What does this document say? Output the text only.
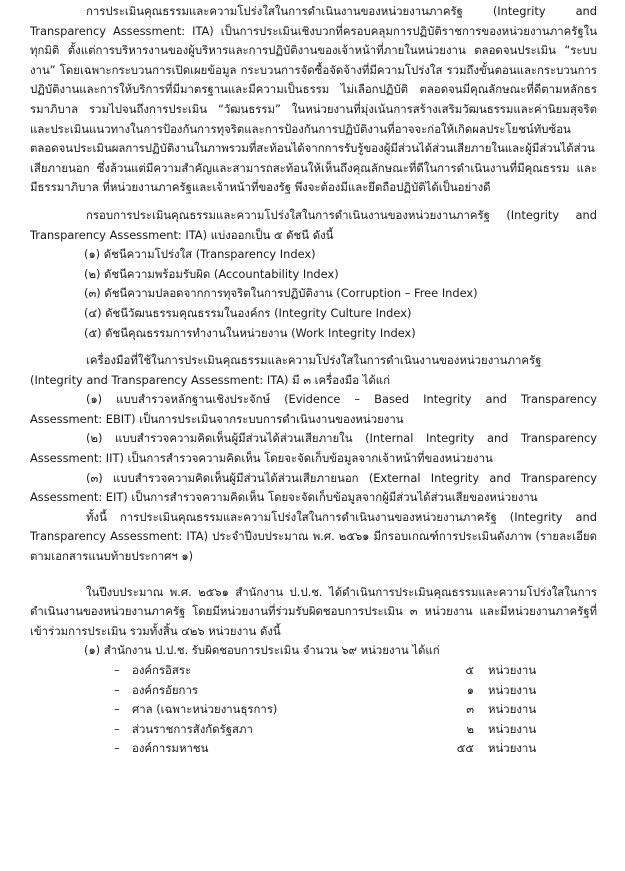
การประเมินคุณธรรมและความโปร่งใสในการดำเนินงานของหน่วยงานภาครัฐ (Integrity and Transparency Assessment: ITA) เป็นการประเมินเชิงบวกที่ครอบคลุมการปฏิบัติราชการของหน่วยงานภาครัฐในทุกมิติ ตั้งแต่การบริหารงานของผู้บริหารและการปฏิบัติงานของเจ้าหน้าที่ภายในหน่วยงาน ตลอดจนประเมิน “ระบบงาน” โดยเฉพาะกระบวนการเปิดเผยข้อมูล กระบวนการจัดซื้อจัดจ้างที่มีความโปร่งใส รวมถึงขั้นตอนและกระบวนการปฏิบัติงานและการให้บริการที่มีมาตรฐานและมีความเป็นธรรม ไม่เลือกปฏิบัติ ตลอดจนมีคุณลักษณะที่ดีตามหลักธรรมาภิบาล รวมไปจนถึงการประเมิน “วัฒนธรรม” ในหน่วยงานที่มุ่งเน้นการสร้างเสริมวัฒนธรรมและค่านิยมสุจริต และประเมินแนวทางในการป้องกันการทุจริตและการป้องกันการปฏิบัติงานที่อาจจะก่อให้เกิดผลประโยชน์ทับซ้อน ตลอดจนประเมินผลการปฏิบัติงานในภาพรวมที่สะท้อนได้จากการรับรู้ของผู้มีส่วนได้ส่วนเสียภายในและผู้มีส่วนได้ส่วนเสียภายนอก ซึ่งล้วนแต่มีความสำคัญและสามารถสะท้อนให้เห็นถึงคุณลักษณะที่ดีในการดำเนินงานที่มีคุณธรรม และมีธรรมาภิบาล ที่หน่วยงานภาครัฐและเจ้าหน้าที่ของรัฐ พึงจะต้องมีและยึดถือปฏิบัติได้เป็นอย่างดี

กรอบการประเมินคุณธรรมและความโปร่งใสในการดำเนินงานของหน่วยงานภาครัฐ (Integrity and Transparency Assessment: ITA) แบ่งออกเป็น ๕ ดัชนี ดังนี้

(๑) ดัชนีความโปร่งใส (Transparency Index)
(๒) ดัชนีความพร้อมรับผิด (Accountability Index)
(๓) ดัชนีความปลอดจากการทุจริตในการปฏิบัติงาน (Corruption – Free Index)
(๔) ดัชนีวัฒนธรรมคุณธรรมในองค์กร (Integrity Culture Index)
(๕) ดัชนีคุณธรรมการทำงานในหน่วยงาน (Work Integrity Index)

เครื่องมือที่ใช้ในการประเมินคุณธรรมและความโปร่งใสในการดำเนินงานของหน่วยงานภาครัฐ (Integrity and Transparency Assessment: ITA) มี ๓ เครื่องมือ ได้แก่

(๑) แบบสำรวจหลักฐานเชิงประจักษ์ (Evidence – Based Integrity and Transparency Assessment: EBIT) เป็นการประเมินจากระบบการดำเนินงานของหน่วยงาน
(๒) แบบสำรวจความคิดเห็นผู้มีส่วนได้ส่วนเสียภายใน (Internal Integrity and Transparency Assessment: IIT) เป็นการสำรวจความคิดเห็น โดยจะจัดเก็บข้อมูลจากเจ้าหน้าที่ของหน่วยงาน
(๓) แบบสำรวจความคิดเห็นผู้มีส่วนได้ส่วนเสียภายนอก (External Integrity and Transparency Assessment: EIT) เป็นการสำรวจความคิดเห็น โดยจะจัดเก็บข้อมูลจากผู้มีส่วนได้ส่วนเสียของหน่วยงาน

ทั้งนี้ การประเมินคุณธรรมและความโปร่งใสในการดำเนินงานของหน่วยงานภาครัฐ (Integrity and Transparency Assessment: ITA) ประจำปีงบประมาณ พ.ศ. ๒๕๖๑ มีกรอบเกณฑ์การประเมินดังภาพ (รายละเอียดตามเอกสารแนบท้ายประกาศฯ ๑)

ในปีงบประมาณ พ.ศ. ๒๕๖๑ สำนักงาน ป.ป.ช. ได้ดำเนินการประเมินคุณธรรมและความโปร่งใสในการดำเนินงานของหน่วยงานภาครัฐ โดยมีหน่วยงานที่ร่วมรับผิดชอบการประเมิน ๓ หน่วยงาน และมีหน่วยงานภาครัฐที่เข้าร่วมการประเมิน รวมทั้งสิ้น ๔๒๖ หน่วยงาน ดังนี้

(๑) สำนักงาน ป.ป.ช. รับผิดชอบการประเมิน จำนวน ๖๙ หน่วยงาน ได้แก่

–	องค์กรอิสระ	๕	หน่วยงาน
–	องค์กรอัยการ	๑	หน่วยงาน
–	ศาล (เฉพาะหน่วยงานธุรการ)	๓	หน่วยงาน
–	ส่วนราชการสังกัดรัฐสภา	๒	หน่วยงาน
–	องค์การมหาชน	๕๕	หน่วยงาน
